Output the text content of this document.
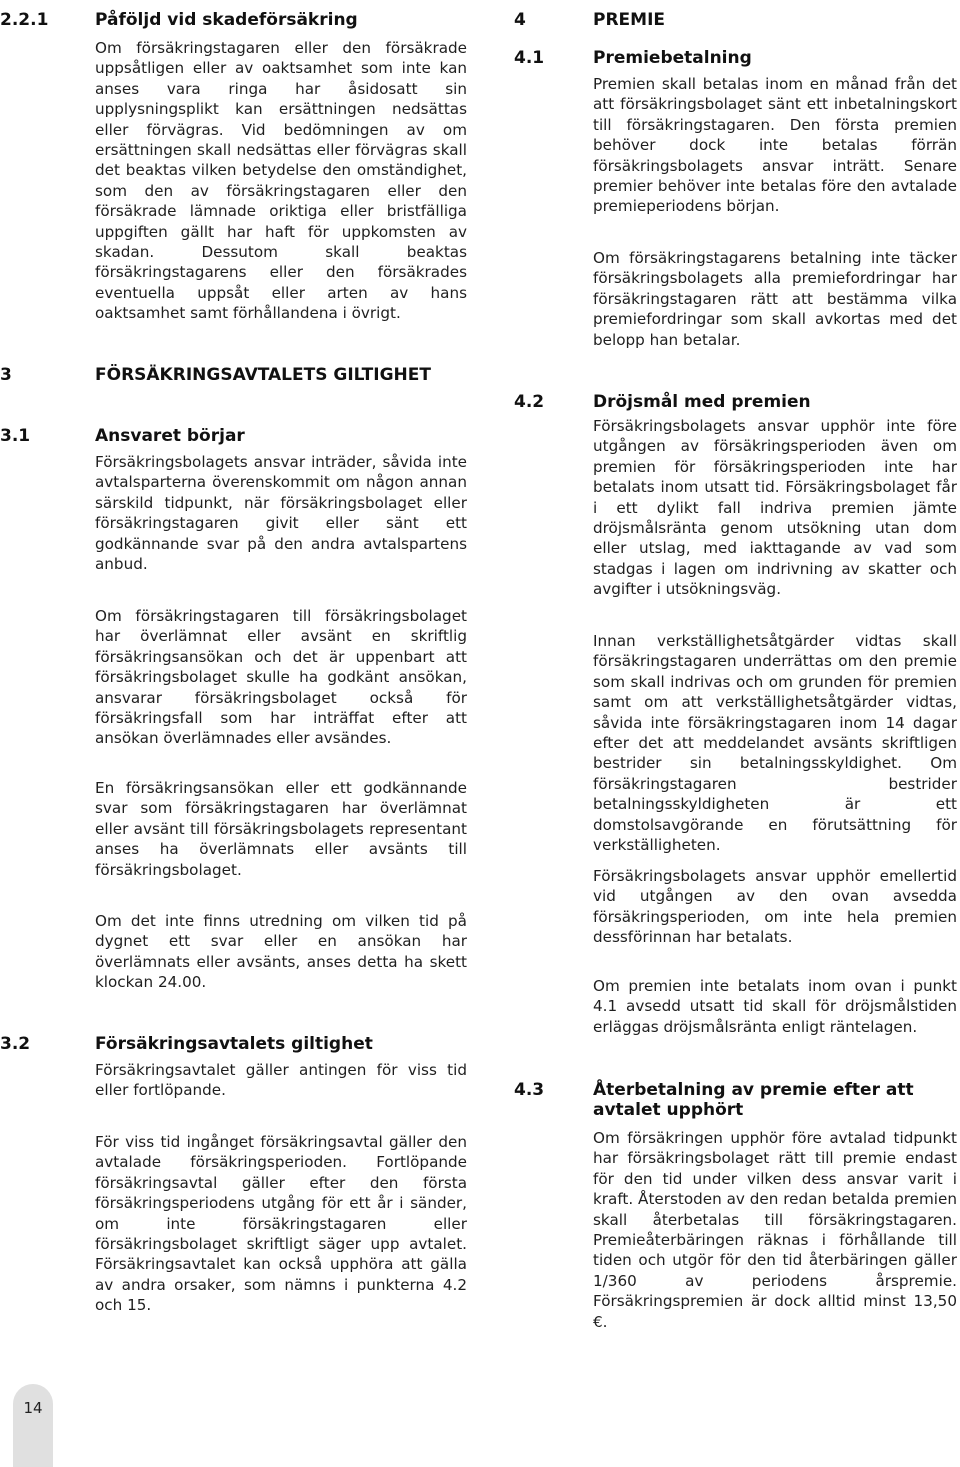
2.2.1	Påföljd vid skadeförsäkring
Om försäkringstagaren eller den försäkrade uppsåtligen eller av oaktsamhet som inte kan anses vara ringa har åsidosatt sin upplysningsplikt kan ersättningen nedsättas eller förvägras. Vid bedömningen av om ersättningen skall nedsättas eller förvägras skall det beaktas vilken betydelse den omständighet, som den av försäkringstagaren eller den försäkrade lämnade oriktiga eller bristfälliga uppgiften gällt har haft för uppkomsten av skadan. Dessutom skall beaktas försäkringstagarens eller den försäkrades eventuella uppsåt eller arten av hans oaktsamhet samt förhållandena i övrigt.
3	FÖRSÄKRINGSAVTALETS GILTIGHET
3.1	Ansvaret börjar
Försäkringsbolagets ansvar inträder, såvida inte avtalsparterna överenskommit om någon annan särskild tidpunkt, när försäkringsbolaget eller försäkringstagaren givit eller sänt ett godkännande svar på den andra avtalspartens anbud.
Om försäkringstagaren till försäkringsbolaget har överlämnat eller avsänt en skriftlig försäkringsansökan och det är uppenbart att försäkringsbolaget skulle ha godkänt ansökan, ansvarar försäkringsbolaget också för försäkringsfall som har inträffat efter att ansökan överlämnades eller avsändes.
En försäkringsansökan eller ett godkännande svar som försäkringstagaren har överlämnat eller avsänt till försäkringsbolagets representant anses ha överlämnats eller avsänts till försäkringsbolaget.
Om det inte finns utredning om vilken tid på dygnet ett svar eller en ansökan har överlämnats eller avsänts, anses detta ha skett klockan 24.00.
3.2	Försäkringsavtalets giltighet
Försäkringsavtalet gäller antingen för viss tid eller fortlöpande.
För viss tid ingånget försäkringsavtal gäller den avtalade försäkringsperioden. Fortlöpande försäkringsavtal gäller efter den första försäkringsperiodens utgång för ett år i sänder, om inte försäkringstagaren eller försäkringsbolaget skriftligt säger upp avtalet. Försäkringsavtalet kan också upphöra att gälla av andra orsaker, som nämns i punkterna 4.2 och 15.
4	PREMIE
4.1	Premiebetalning
Premien skall betalas inom en månad från det att försäkringsbolaget sänt ett inbetalningskort till försäkringstagaren. Den första premien behöver dock inte betalas förrän försäkringsbolagets ansvar inträtt. Senare premier behöver inte betalas före den avtalade premieperiodens början.
Om försäkringstagarens betalning inte täcker försäkringsbolagets alla premiefordringar har försäkringstagaren rätt att bestämma vilka premiefordringar som skall avkortas med det belopp han betalar.
4.2	Dröjsmål med premien
Försäkringsbolagets ansvar upphör inte före utgången av försäkringsperioden även om premien för försäkringsperioden inte har betalats inom utsatt tid. Försäkringsbolaget får i ett dylikt fall indriva premien jämte dröjsmålsränta genom utsökning utan dom eller utslag, med iakttagande av vad som stadgas i lagen om indrivning av skatter och avgifter i utsökningsväg.
Innan verkställighetsåtgärder vidtas skall försäkringstagaren underrättas om den premie som skall indrivas och om grunden för premien samt om att verkställighetsåtgärder vidtas, såvida inte försäkringstagaren inom 14 dagar efter det att meddelandet avsänts skriftligen bestrider sin betalningsskyldighet. Om försäkringstagaren bestrider betalningsskyldigheten är ett domstolsavgörande en förutsättning för verkställigheten.
Försäkringsbolagets ansvar upphör emellertid vid utgången av den ovan avsedda försäkringsperioden, om inte hela premien dessförinnan har betalats.
Om premien inte betalats inom ovan i punkt 4.1 avsedd utsatt tid skall för dröjsmålstiden erläggas dröjsmålsränta enligt räntelagen.
4.3	Återbetalning av premie efter att avtalet upphört
Om försäkringen upphör före avtalad tidpunkt har försäkringsbolaget rätt till premie endast för den tid under vilken dess ansvar varit i kraft. Återstoden av den redan betalda premien skall återbetalas till försäkringstagaren. Premieåterbäringen räknas i förhållande till tiden och utgör för den tid återbäringen gäller 1/360 av periodens årspremie. Försäkringspremien är dock alltid minst 13,50 €.
14
